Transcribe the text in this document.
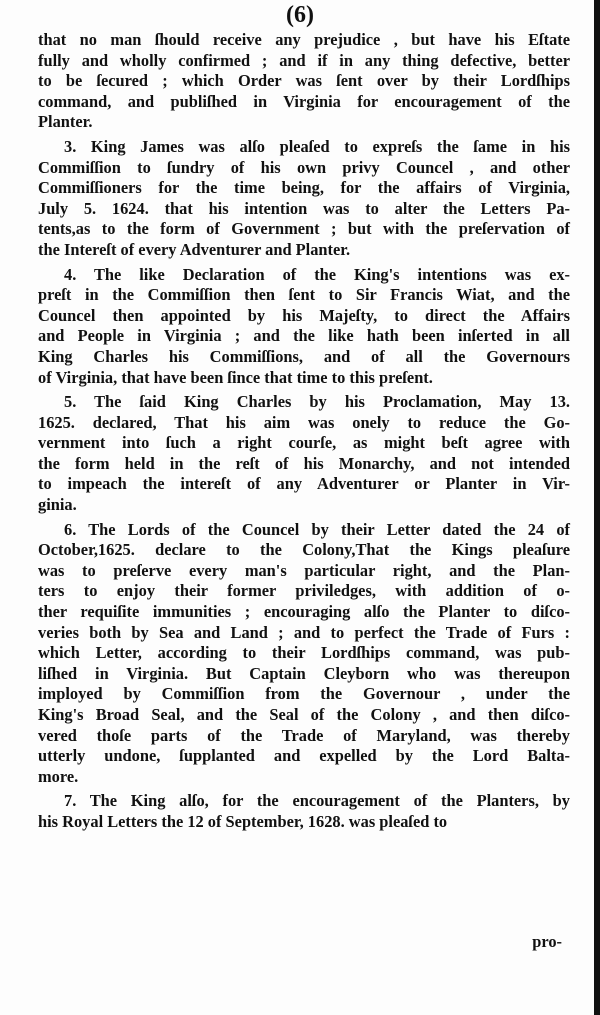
(6)
that no man ſhould receive any prejudice , but have his Eſtate
fully and wholly confirmed ; and if in any thing defective, better
to be ſecured ; which Order was ſent over by their Lordſhips
command, and publiſhed in Virginia for encouragement of the
Planter.
3. King James was alſo pleaſed to expreſs the ſame in his
Commiſſion to ſundry of his own privy Councel , and other
Commiſſioners for the time being, for the affairs of Virginia,
July 5. 1624. that his intention was to alter the Letters Pa-
tents,as to the form of Government ; but with the preſervation of
the Intereſt of every Adventurer and Planter.
4. The like Declaration of the King's intentions was ex-
preſt in the Commiſſion then ſent to Sir Francis Wiat, and the
Councel then appointed by his Majeſty, to direct the Affairs
and People in Virginia ; and the like hath been inſerted in all
King Charles his Commiſſions, and of all the Governours
of Virginia, that have been ſince that time to this preſent.
5. The ſaid King Charles by his Proclamation, May 13.
1625. declared, That his aim was onely to reduce the Go-
vernment into ſuch a right courſe, as might beſt agree with
the form held in the reſt of his Monarchy, and not intended
to impeach the intereſt of any Adventurer or Planter in Vir-
ginia.
6. The Lords of the Councel by their Letter dated the 24 of
October,1625. declare to the Colony,That the Kings pleaſure
was to preſerve every man's particular right, and the Plan-
ters to enjoy their former priviledges, with addition of o-
ther requiſite immunities ; encouraging alſo the Planter to diſco-
veries both by Sea and Land ; and to perfect the Trade of Furs :
which Letter, according to their Lordſhips command, was pub-
liſhed in Virginia. But Captain Cleyborn who was thereupon
imployed by Commiſſion from the Governour , under the
King's Broad Seal, and the Seal of the Colony , and then diſco-
vered thoſe parts of the Trade of Maryland, was thereby
utterly undone, ſupplanted and expelled by the Lord Balta-
more.
7. The King alſo, for the encouragement of the Planters, by
his Royal Letters the 12 of September, 1628. was pleaſed to
pro-
